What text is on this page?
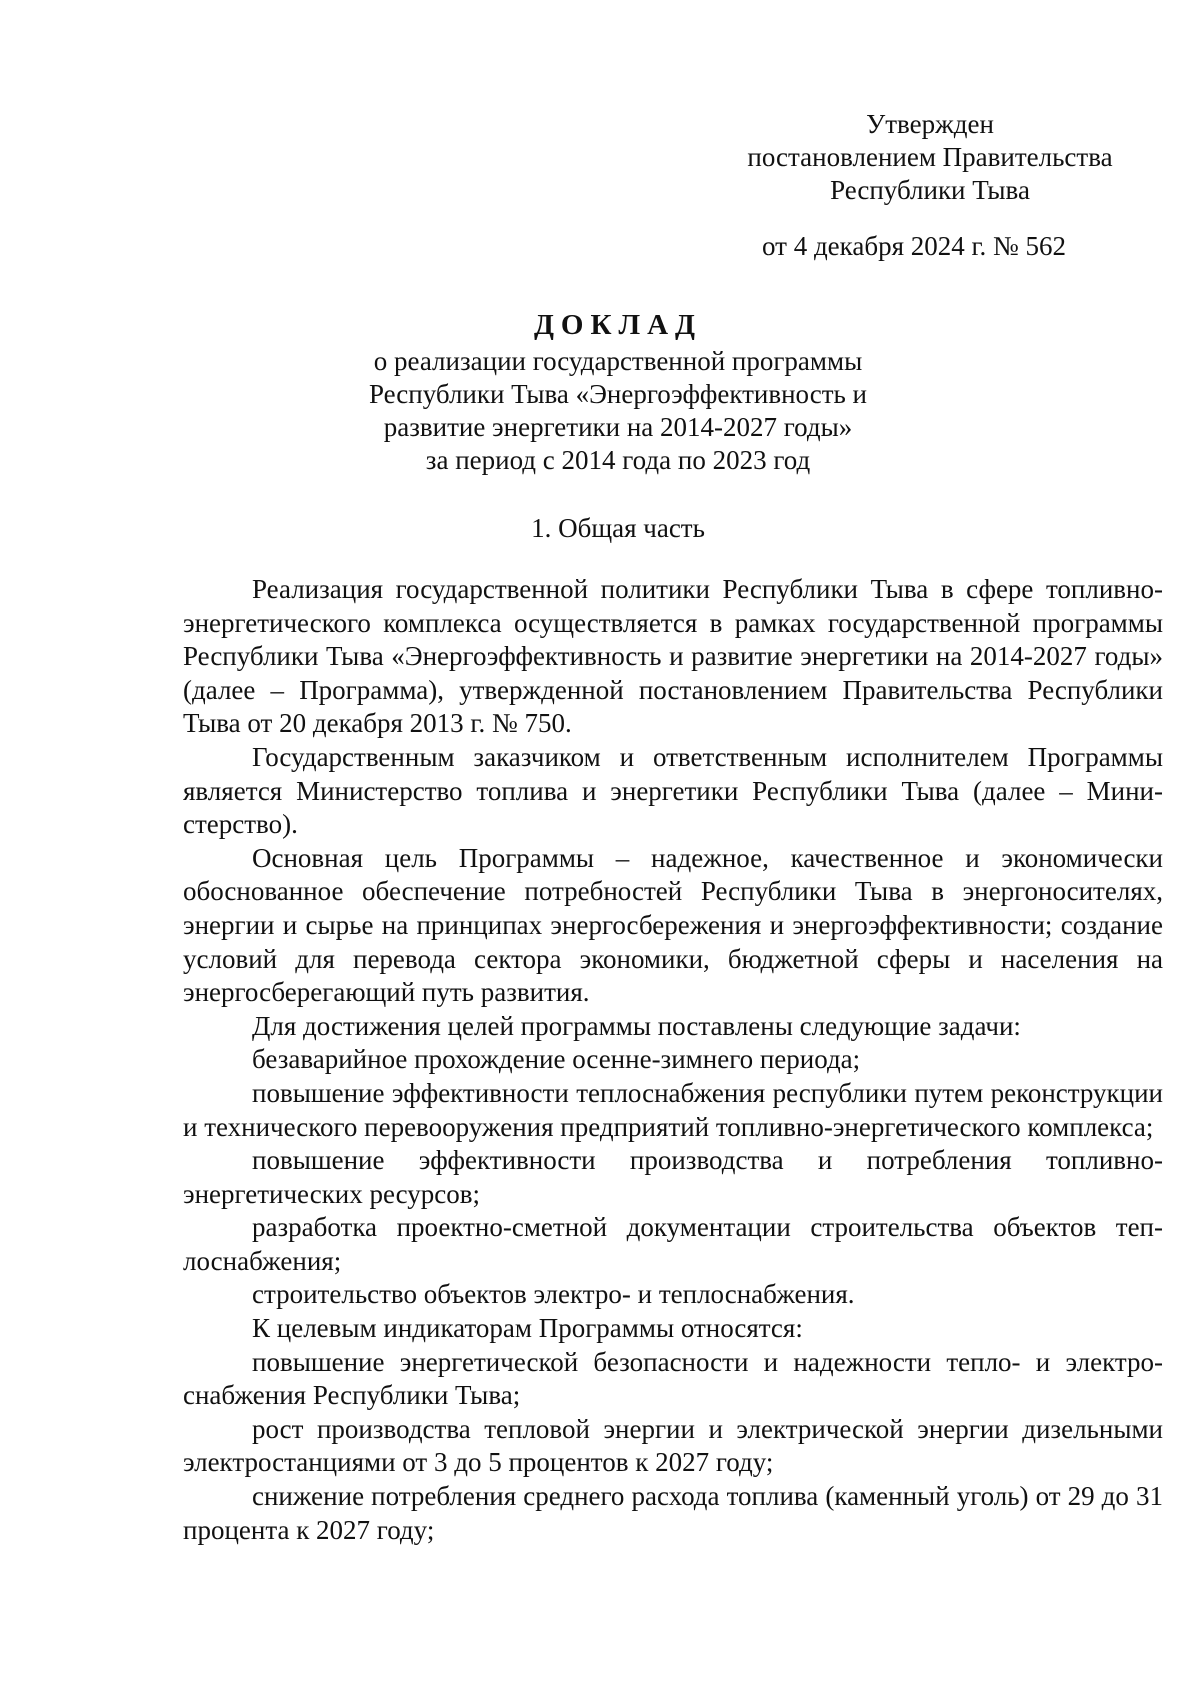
Утвержден
постановлением Правительства
Республики Тыва
от 4 декабря 2024 г. № 562
ДОКЛАД
о реализации государственной программы
Республики Тыва «Энергоэффективность и
развитие энергетики на 2014-2027 годы»
за период с 2014 года по 2023 год
1. Общая часть

Реализация государственной политики Республики Тыва в сфере топливно-энергетического комплекса осуществляется в рамках государственной программы Республики Тыва «Энергоэффективность и развитие энергетики на 2014-2027 годы» (далее – Программа), утвержденной постановлением Правительства Республики Тыва от 20 декабря 2013 г. № 750.

Государственным заказчиком и ответственным исполнителем Программы является Министерство топлива и энергетики Республики Тыва (далее – Министерство).

Основная цель Программы – надежное, качественное и экономически обоснованное обеспечение потребностей Республики Тыва в энергоносителях, энергии и сырье на принципах энергосбережения и энергоэффективности; создание условий для перевода сектора экономики, бюджетной сферы и населения на энергосберегающий путь развития.

Для достижения целей программы поставлены следующие задачи:

безаварийное прохождение осенне-зимнего периода;

повышение эффективности теплоснабжения республики путем реконструкции и технического перевооружения предприятий топливно-энергетического комплекса;

повышение эффективности производства и потребления топливно-энергетических ресурсов;

разработка проектно-сметной документации строительства объектов теплоснабжения;

строительство объектов электро- и теплоснабжения.

К целевым индикаторам Программы относятся:

повышение энергетической безопасности и надежности тепло- и электроснабжения Республики Тыва;

рост производства тепловой энергии и электрической энергии дизельными электростанциями от 3 до 5 процентов к 2027 году;

снижение потребления среднего расхода топлива (каменный уголь) от 29 до 31 процента к 2027 году;
